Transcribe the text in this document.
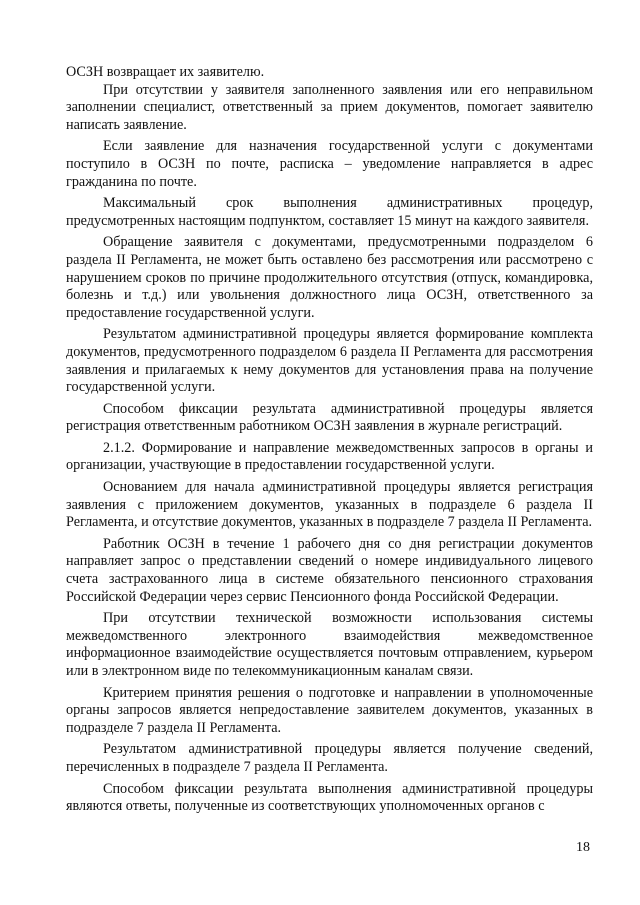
ОСЗН возвращает их заявителю.

При отсутствии у заявителя заполненного заявления или его неправильном заполнении специалист, ответственный за прием документов, помогает заявителю написать заявление.

Если заявление для назначения государственной услуги с документами поступило в ОСЗН по почте, расписка – уведомление направляется в адрес гражданина по почте.

Максимальный срок выполнения административных процедур, предусмотренных настоящим подпунктом, составляет 15 минут на каждого заявителя.

Обращение заявителя с документами, предусмотренными подразделом 6 раздела II Регламента, не может быть оставлено без рассмотрения или рассмотрено с нарушением сроков по причине продолжительного отсутствия (отпуск, командировка, болезнь и т.д.) или увольнения должностного лица ОСЗН, ответственного за предоставление государственной услуги.

Результатом административной процедуры является формирование комплекта документов, предусмотренного подразделом 6 раздела II Регламента для рассмотрения заявления и прилагаемых к нему документов для установления права на получение государственной услуги.

Способом фиксации результата административной процедуры является регистрация ответственным работником ОСЗН заявления в журнале регистраций.

2.1.2. Формирование и направление межведомственных запросов в органы и организации, участвующие в предоставлении государственной услуги.

Основанием для начала административной процедуры является регистрация заявления с приложением документов, указанных в подразделе 6 раздела II Регламента, и отсутствие документов, указанных в подразделе 7 раздела II Регламента.

Работник ОСЗН в течение 1 рабочего дня со дня регистрации документов направляет запрос о представлении сведений о номере индивидуального лицевого счета застрахованного лица в системе обязательного пенсионного страхования Российской Федерации через сервис Пенсионного фонда Российской Федерации.

При отсутствии технической возможности использования системы межведомственного электронного взаимодействия межведомственное информационное взаимодействие осуществляется почтовым отправлением, курьером или в электронном виде по телекоммуникационным каналам связи.

Критерием принятия решения о подготовке и направлении в уполномоченные органы запросов является непредоставление заявителем документов, указанных в подразделе 7 раздела II Регламента.

Результатом административной процедуры является получение сведений, перечисленных в подразделе 7 раздела II Регламента.

Способом фиксации результата выполнения административной процедуры являются ответы, полученные из соответствующих уполномоченных органов с

18
